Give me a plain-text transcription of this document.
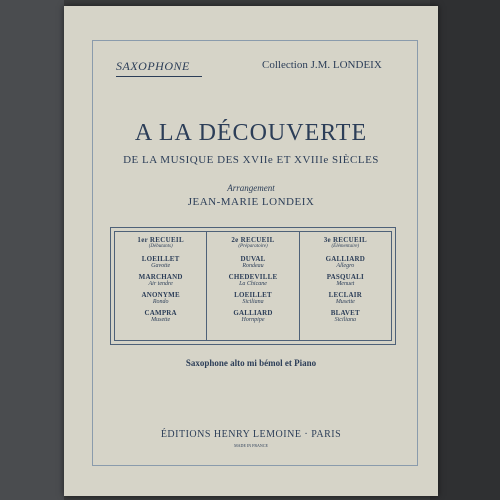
SAXOPHONE	Collection J.M. LONDEIX
A LA DÉCOUVERTE
DE LA MUSIQUE DES XVIIe ET XVIIIe SIÈCLES
Arrangement
JEAN-MARIE LONDEIX
1er RECUEIL
(Débutants)
LOEILLET
Gavotte
MARCHAND
Air tendre
ANONYME
Rondo
CAMPRA
Musette
2e RECUEIL
(Préparatoire)
DUVAL
Rondeau
CHEDEVILLE
La Chicane
LOEILLET
Siciliana
GALLIARD
Hornpipe
3e RECUEIL
(Élémentaire)
GALLIARD
Allegro
PASQUALI
Menuet
LECLAIR
Musette
BLAVET
Siciliana
Saxophone alto mi bémol et Piano
ÉDITIONS HENRY LEMOINE · PARIS
MADE IN FRANCE
